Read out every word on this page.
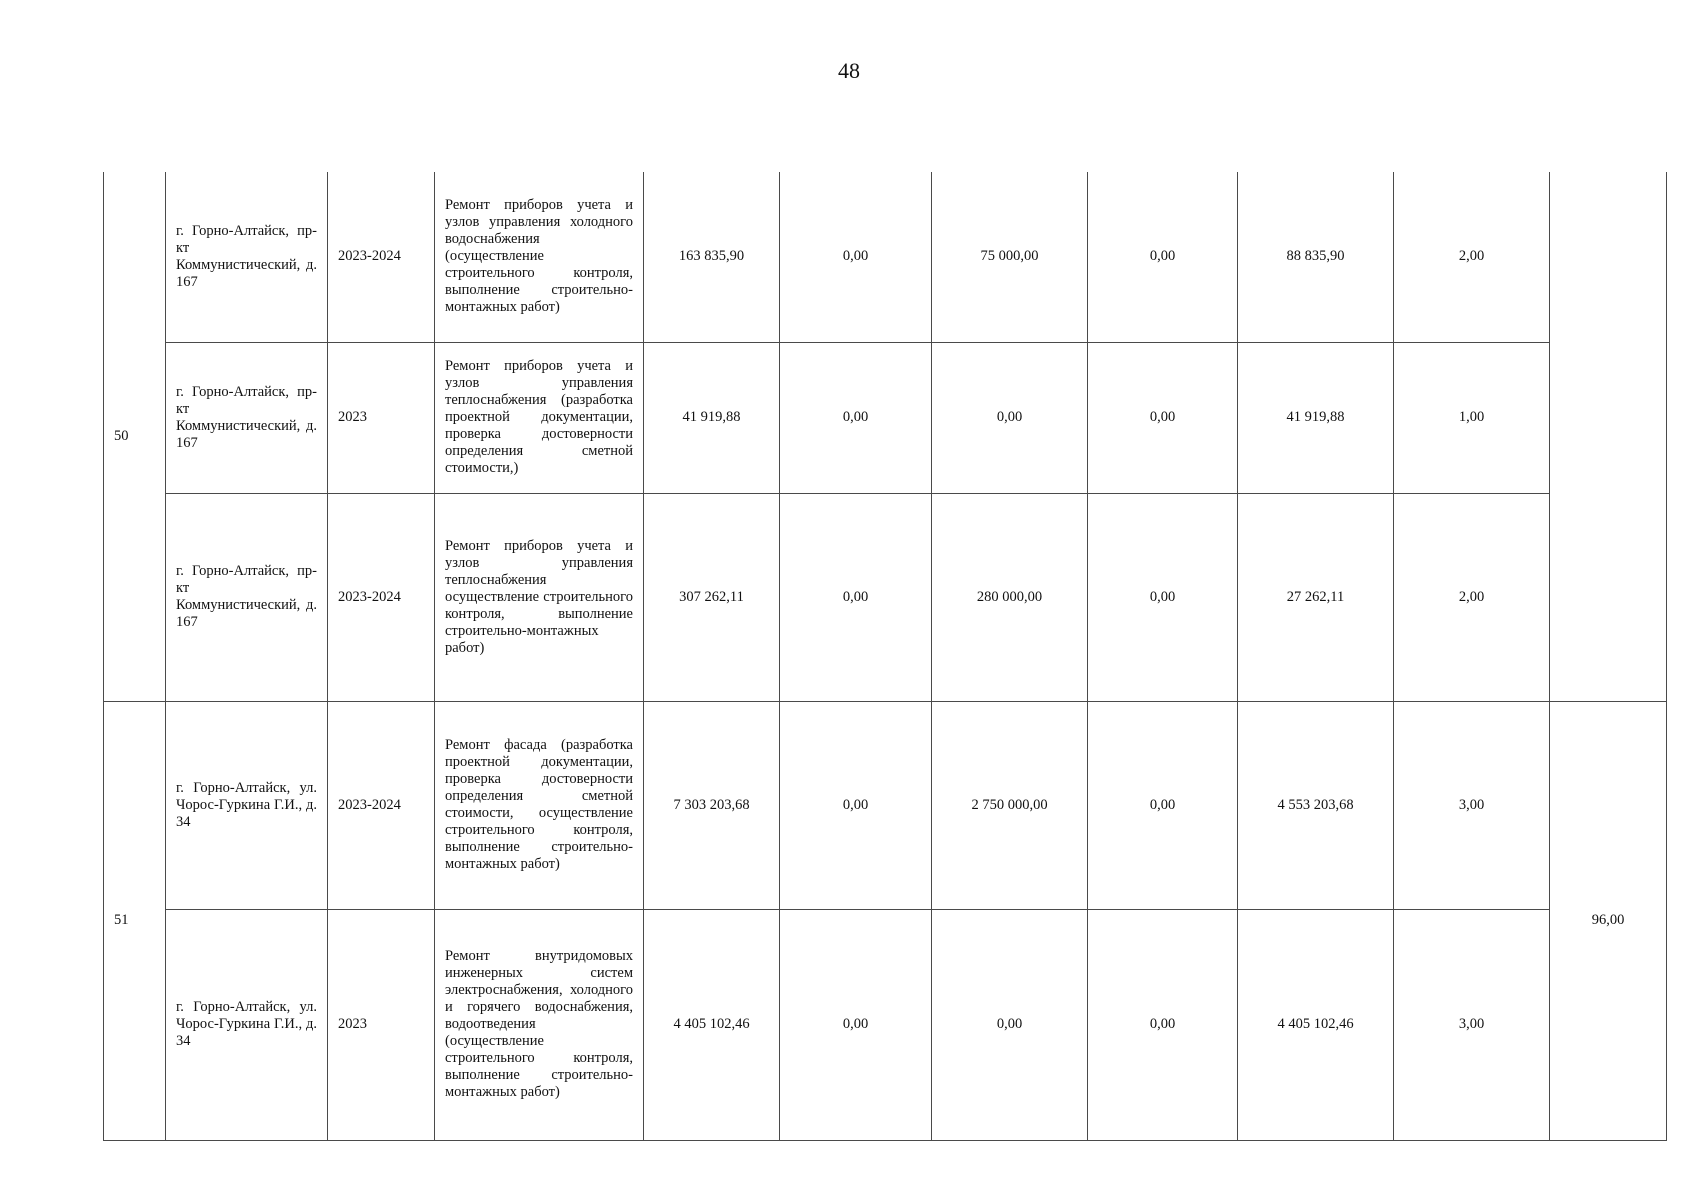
48
50	г. Горно-Алтайск, пр-кт Коммунистический, д. 167	2023-2024	Ремонт приборов учета и узлов управления холодного водоснабжения (осуществление строительного контроля, выполнение строительно-монтажных работ)	163 835,90	0,00	75 000,00	0,00	88 835,90	2,00	
	г. Горно-Алтайск, пр-кт Коммунистический, д. 167	2023	Ремонт приборов учета и узлов управления теплоснабжения (разработка проектной документации, проверка достоверности определения сметной стоимости,)	41 919,88	0,00	0,00	0,00	41 919,88	1,00	
	г. Горно-Алтайск, пр-кт Коммунистический, д. 167	2023-2024	Ремонт приборов учета и узлов управления теплоснабжения осуществление строительного контроля, выполнение строительно-монтажных работ)	307 262,11	0,00	280 000,00	0,00	27 262,11	2,00	
51	г. Горно-Алтайск, ул. Чорос-Гуркина Г.И., д. 34	2023-2024	Ремонт фасада (разработка проектной документации, проверка достоверности определения сметной стоимости, осуществление строительного контроля, выполнение строительно-монтажных работ)	7 303 203,68	0,00	2 750 000,00	0,00	4 553 203,68	3,00	96,00
	г. Горно-Алтайск, ул. Чорос-Гуркина Г.И., д. 34	2023	Ремонт внутридомовых инженерных систем электроснабжения, холодного и горячего водоснабжения, водоотведения (осуществление строительного контроля, выполнение строительно-монтажных работ)	4 405 102,46	0,00	0,00	0,00	4 405 102,46	3,00	
